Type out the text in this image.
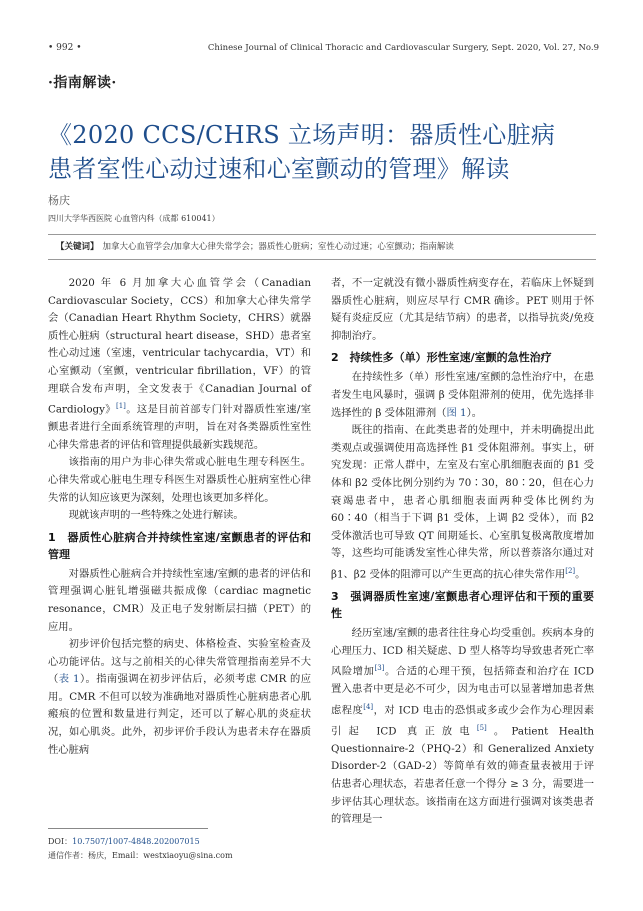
• 992 •	Chinese Journal of Clinical Thoracic and Cardiovascular Surgery, Sept. 2020, Vol. 27, No.9
·指南解读·
《2020 CCS/CHRS 立场声明：器质性心脏病
患者室性心动过速和心室颤动的管理》解读
杨庆
四川大学华西医院 心血管内科（成都 610041）
【关键词】 加拿大心血管学会/加拿大心律失常学会；器质性心脏病；室性心动过速；心室颤动；指南解读

2020 年 6 月加拿大心血管学会（Canadian Cardiovascular Society，CCS）和加拿大心律失常学会（Canadian Heart Rhythm Society，CHRS）就器质性心脏病（structural heart disease，SHD）患者室性心动过速（室速，ventricular tachycardia，VT）和心室颤动（室颤，ventricular fibrillation，VF）的管理联合发布声明，全文发表于《Canadian Journal of Cardiology》[1]。这是目前首部专门针对器质性室速/室颤患者进行全面系统管理的声明，旨在对各类器质性室性心律失常患者的评估和管理提供最新实践规范。

该指南的用户为非心律失常或心脏电生理专科医生。心律失常或心脏电生理专科医生对器质性心脏病室性心律失常的认知应该更为深刻，处理也该更加多样化。

现就该声明的一些特殊之处进行解读。

1　器质性心脏病合并持续性室速/室颤患者的评估和管理

对器质性心脏病合并持续性室速/室颤的患者的评估和管理强调心脏钆增强磁共振成像（cardiac magnetic resonance，CMR）及正电子发射断层扫描（PET）的应用。

初步评价包括完整的病史、体格检查、实验室检查及心功能评估。这与之前相关的心律失常管理指南差异不大（表 1）。指南强调在初步评估后，必须考虑 CMR 的应用。CMR 不但可以较为准确地对器质性心脏病患者心肌瘢痕的位置和数量进行判定，还可以了解心肌的炎症状况，如心肌炎。此外，初步评价手段认为患者未存在器质性心脏病

者，不一定就没有微小器质性病变存在，若临床上怀疑到器质性心脏病，则应尽早行 CMR 确诊。PET 则用于怀疑有炎症反应（尤其是结节病）的患者，以指导抗炎/免疫抑制治疗。

2　持续性多（单）形性室速/室颤的急性治疗

在持续性多（单）形性室速/室颤的急性治疗中，在患者发生电风暴时，强调 β 受体阻滞剂的使用，优先选择非选择性的 β 受体阻滞剂（图 1）。

既往的指南、在此类患者的处理中，并未明确提出此类观点或强调使用高选择性 β1 受体阻滞剂。事实上，研究发现：正常人群中，左室及右室心肌细胞表面的 β1 受体和 β2 受体比例分别约为 70∶30，80∶20，但在心力衰竭患者中，患者心肌细胞表面两种受体比例约为 60∶40（相当于下调 β1 受体，上调 β2 受体），而 β2 受体激活也可导致 QT 间期延长、心室肌复极离散度增加等，这些均可能诱发室性心律失常，所以普萘洛尔通过对 β1、β2 受体的阻滞可以产生更高的抗心律失常作用[2]。

3　强调器质性室速/室颤患者心理评估和干预的重要性

经历室速/室颤的患者往往身心均受重创。疾病本身的心理压力、ICD 相关疑虑、D 型人格等均导致患者死亡率风险增加[3]。合适的心理干预，包括筛查和治疗在 ICD 置入患者中更是必不可少，因为电击可以显著增加患者焦虑程度[4]，对 ICD 电击的恐惧或多或少会作为心理因素引起 ICD 真正放电[5]。Patient Health Questionnaire-2（PHQ-2）和 Generalized Anxiety Disorder-2（GAD-2）等简单有效的筛查量表被用于评估患者心理状态，若患者任意一个得分 ≥ 3 分，需要进一步评估其心理状态。该指南在这方面进行强调对该类患者的管理是一

DOI：10.7507/1007-4848.202007015
通信作者：杨庆，Email：westxiaoyu@sina.com
